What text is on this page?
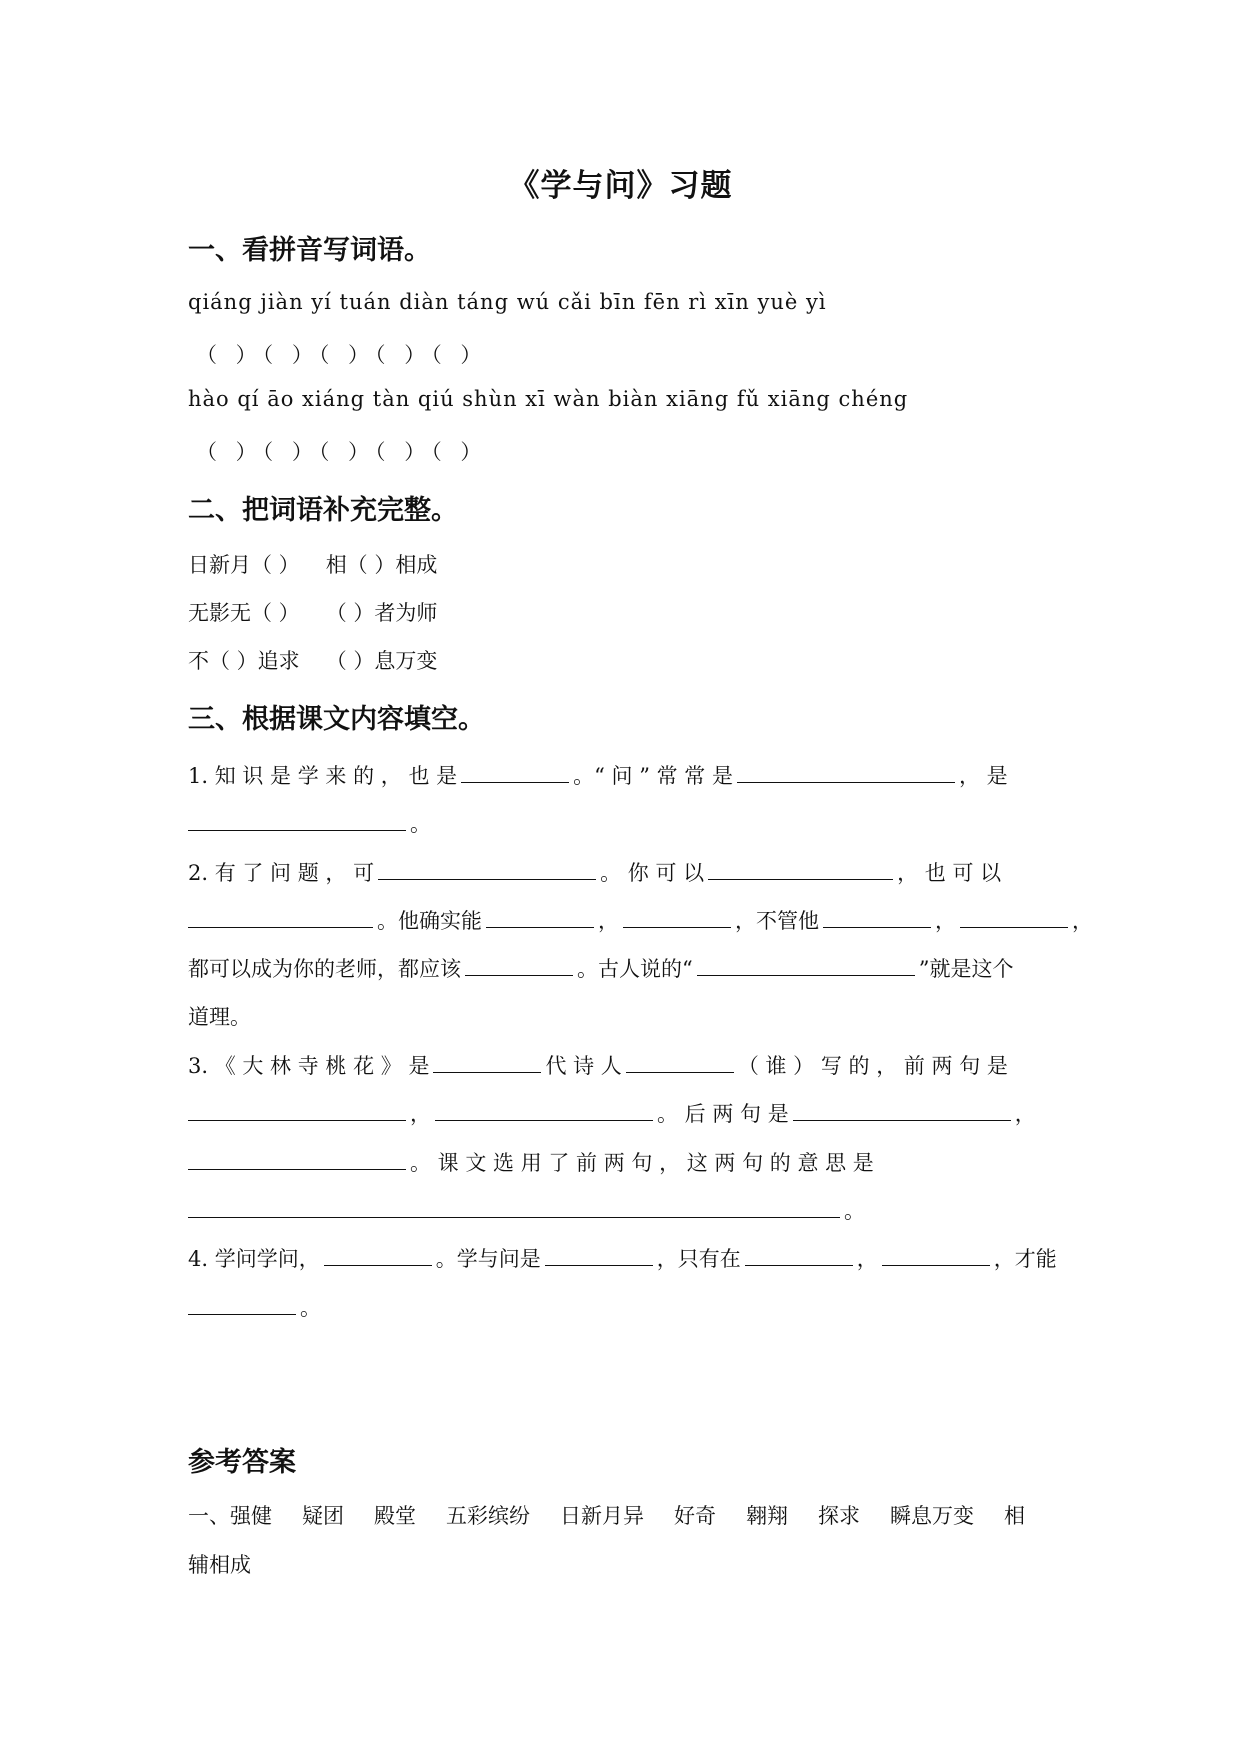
《学与问》习题
一、看拼音写词语。
qiáng jiàn yí tuán diàn táng wú cǎi bīn fēn rì xīn yuè yì
（ ）（ ）（ ）（ ）（ ）
hào qí āo xiáng tàn qiú shùn xī wàn biàn xiāng fǔ xiāng chéng
（ ）（ ）（ ）（ ）（ ）
二、把词语补充完整。
日新月（ ） 相（ ）相成
无影无（ ） （ ）者为师
不（ ）追求 （ ）息万变
三、根据课文内容填空。
1. 知 识 是 学 来 的 ， 也 是	。“ 问 ” 常 常 是	， 是
。
2. 有 了 问 题 ， 可	。 你 可 以	， 也 可 以
。他确实能	，	，不管他	，	，
都可以成为你的老师，都应该	。古人说的“	”就是这个
道理。
3. 《 大 林 寺 桃 花 》 是	代 诗 人	（ 谁 ） 写 的 ， 前 两 句 是
，	。 后 两 句 是	，
。 课 文 选 用 了 前 两 句 ， 这 两 句 的 意 思 是
。
4. 学问学问，	。学与问是	，只有在	，	，才能
。
参考答案
一、强健 疑团 殿堂 五彩缤纷 日新月异 好奇 翱翔 探求 瞬息万变 相
辅相成
